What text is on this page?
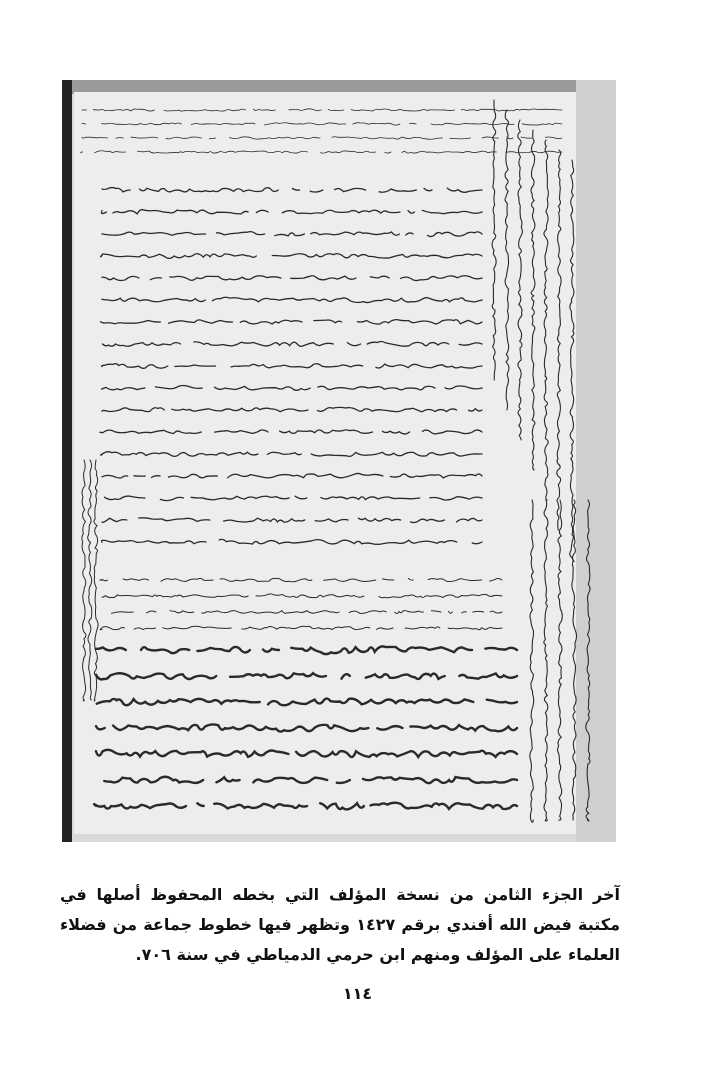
آخر الجزء الثامن من نسخة المؤلف التي بخطه المحفوظ أصلها في مكتبة فيض الله أفندي برقم ١٤٢٧ وتظهر فيها خطوط جماعة من فضلاء العلماء على المؤلف ومنهم ابن حرمي الدمياطي في سنة ٧٠٦.
١١٤
